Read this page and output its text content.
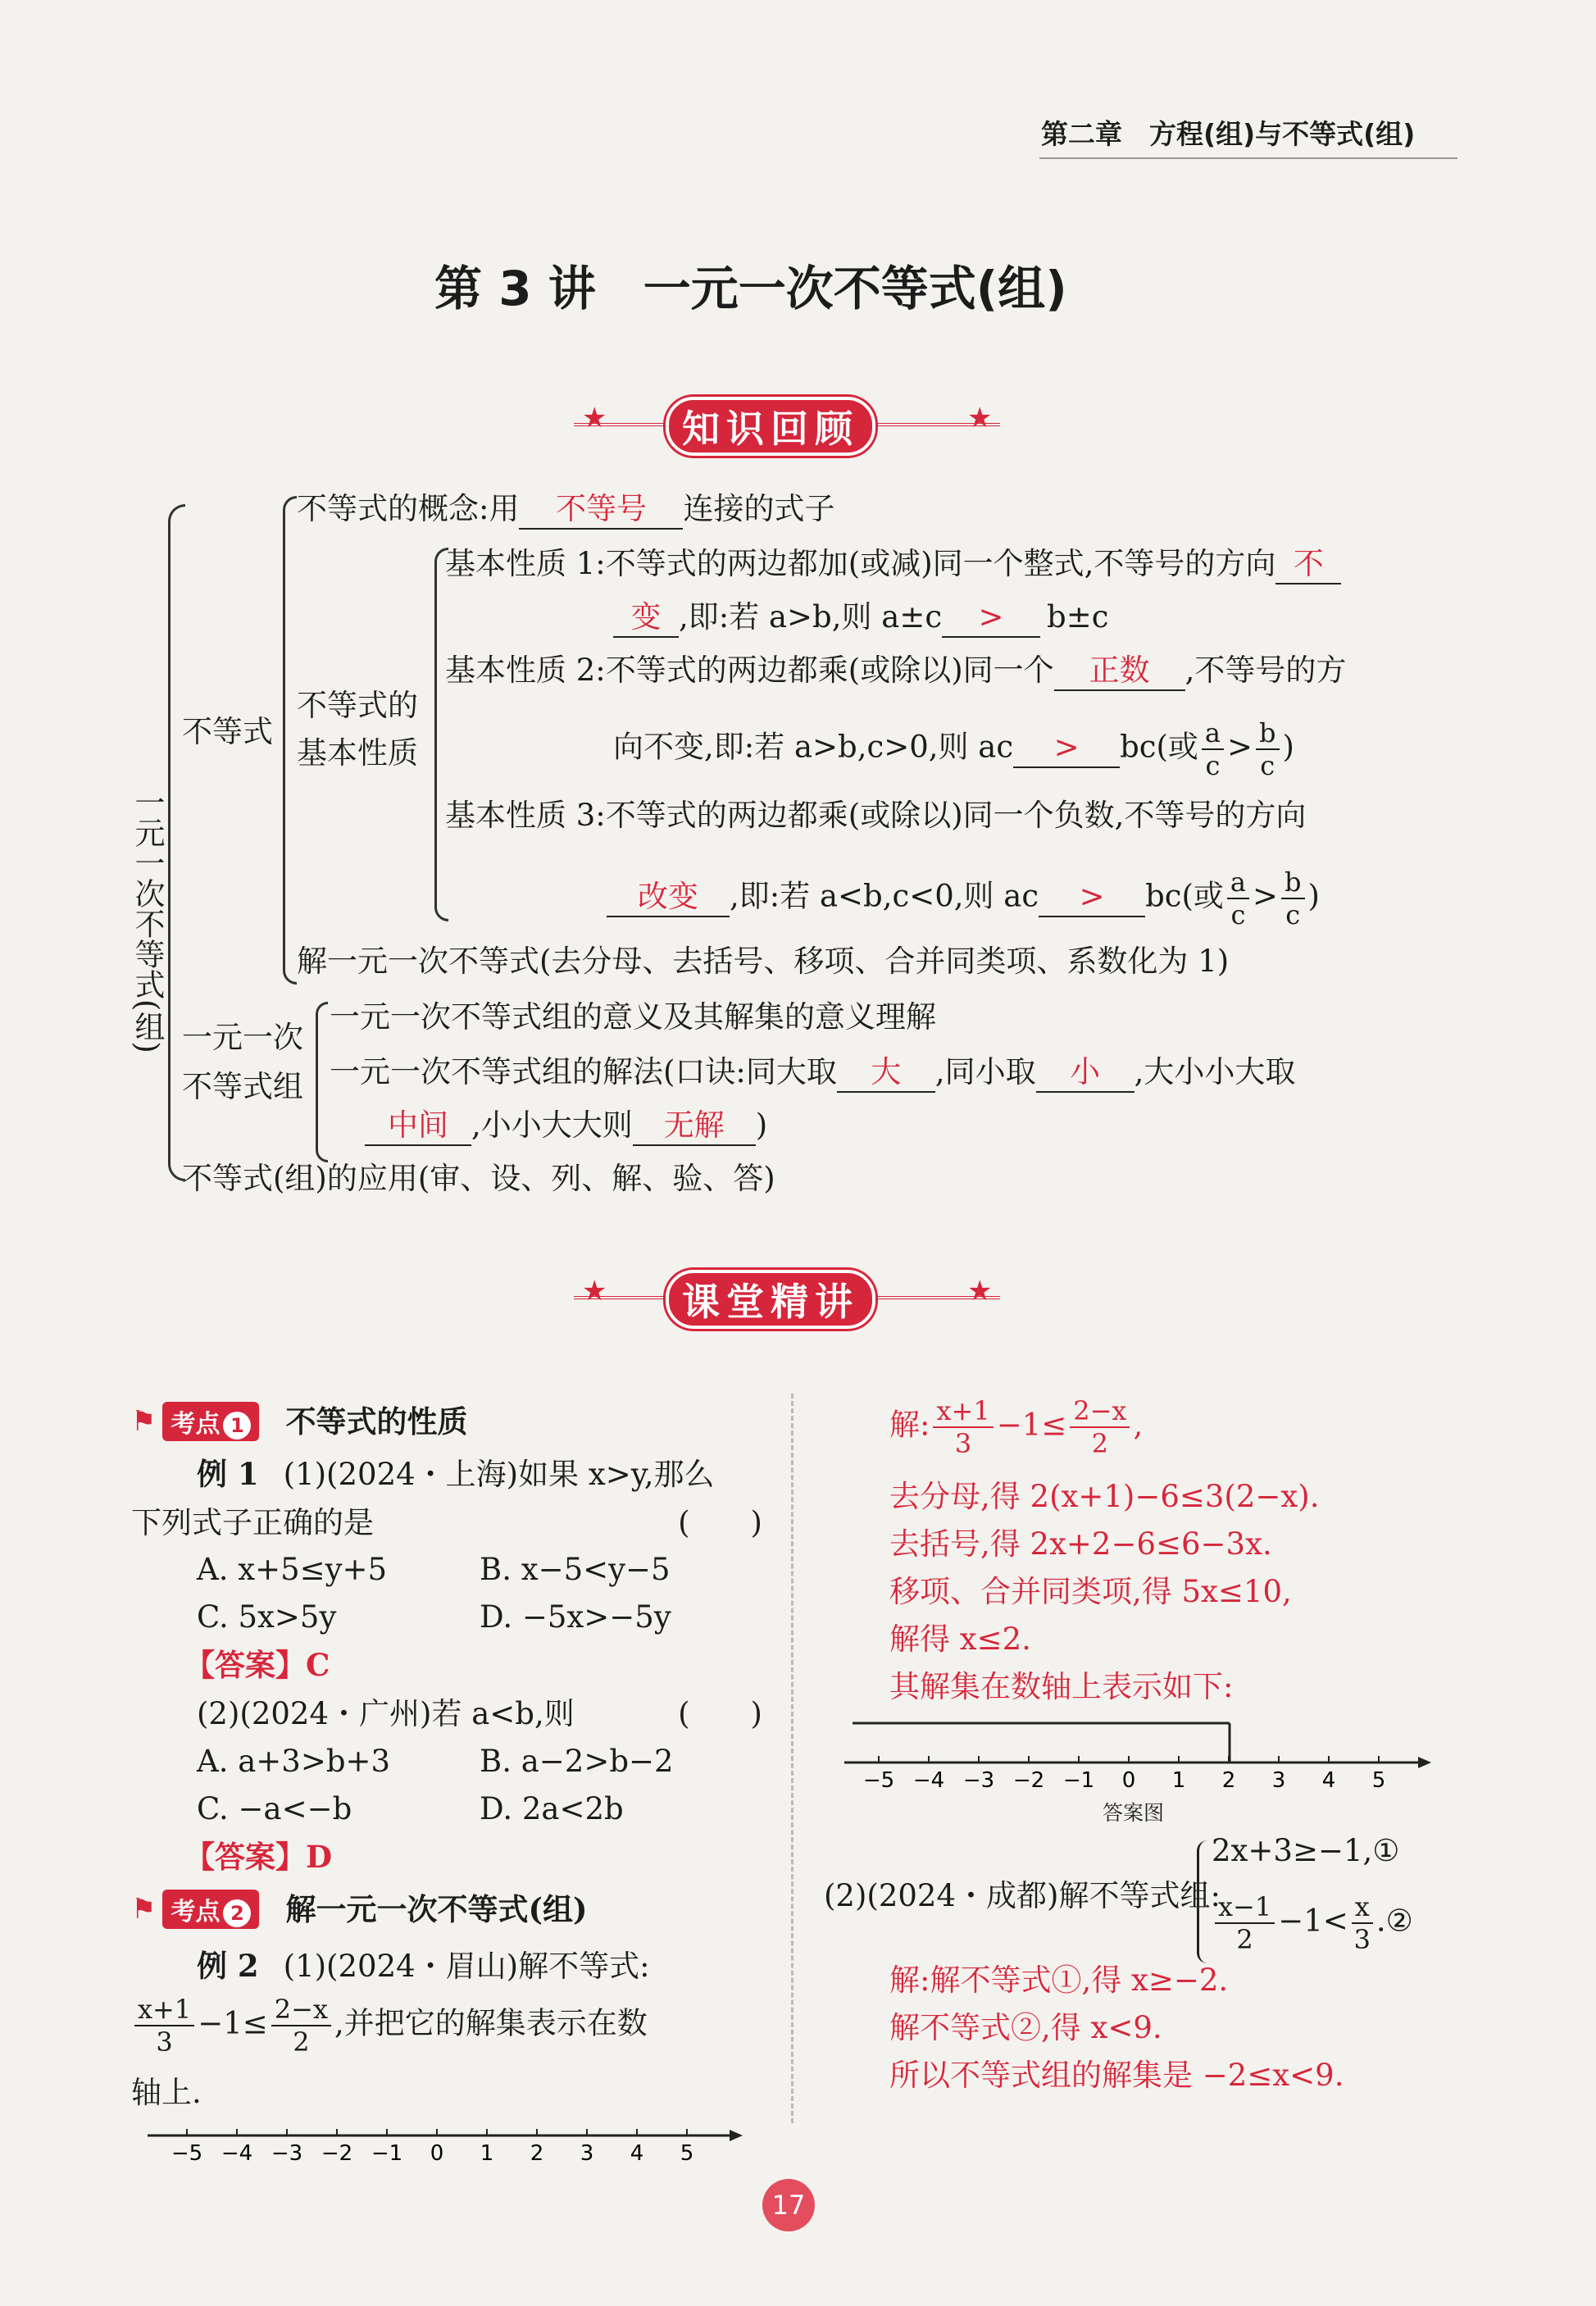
第二章　方程(组)与不等式(组)
第 3 讲　一元一次不等式(组)
★	★
知识回顾
一元一次不等式(组)
不等式
不等式的概念:用 不等号 连接的式子
不等式的
基本性质
基本性质 1:不等式的两边都加(或减)同一个整式,不等号的方向 不
变 ,即:若 a>b,则 a±c > b±c
基本性质 2:不等式的两边都乘(或除以)同一个 正数 ,不等号的方
向不变,即:若 a>b,c>0,则 ac > bc(或 $\frac{a}{c} > \frac{b}{c}$ )
基本性质 3:不等式的两边都乘(或除以)同一个负数,不等号的方向
改变 ,即:若 a<b,c<0,则 ac > bc(或 $\frac{a}{c} > \frac{b}{c}$ )
解一元一次不等式(去分母、去括号、移项、合并同类项、系数化为 1)
一元一次
不等式组
一元一次不等式组的意义及其解集的意义理解
一元一次不等式组的解法(口诀:同大取 大 ,同小取 小 ,大小小大取
中间 ,小小大大则 无解 )
不等式(组)的应用(审、设、列、解、验、答)
★	★
课堂精讲
⚑ 考点 1	不等式的性质
例 1 (1)(2024・上海)如果 x>y,那么
下列式子正确的是	(　　)
A. x+5≤y+5	B. x−5<y−5
C. 5x>5y	D. −5x>−5y
【答案】C
(2)(2024・广州)若 a<b,则	(　　)
A. a+3>b+3	B. a−2>b−2
C. −a<−b	D. 2a<2b
【答案】D
⚑ 考点 2	解一元一次不等式(组)
例 2 (1)(2024・眉山)解不等式:
$\frac{x+1}{3} -1\le \frac{2-x}{2}$ ,并把它的解集表示在数
轴上.
−5 −4 −3 −2 −1 0 1 2 3 4 5
解: $\frac{x+1}{3} -1\le \frac{2-x}{2}$ ,
去分母,得 2(x+1)−6≤3(2−x).
去括号,得 2x+2−6≤6−3x.
移项、合并同类项,得 5x≤10,
解得 x≤2.
其解集在数轴上表示如下:
−5 −4 −3 −2 −1 0 1 2 3 4 5
答案图
(2)(2024・成都)解不等式组:
2x+3≥−1,①
$\frac{x-1}{2} -1< \frac{x}{3}$ .②
解:解不等式①,得 x≥−2.
解不等式②,得 x<9.
所以不等式组的解集是 −2≤x<9.
17
